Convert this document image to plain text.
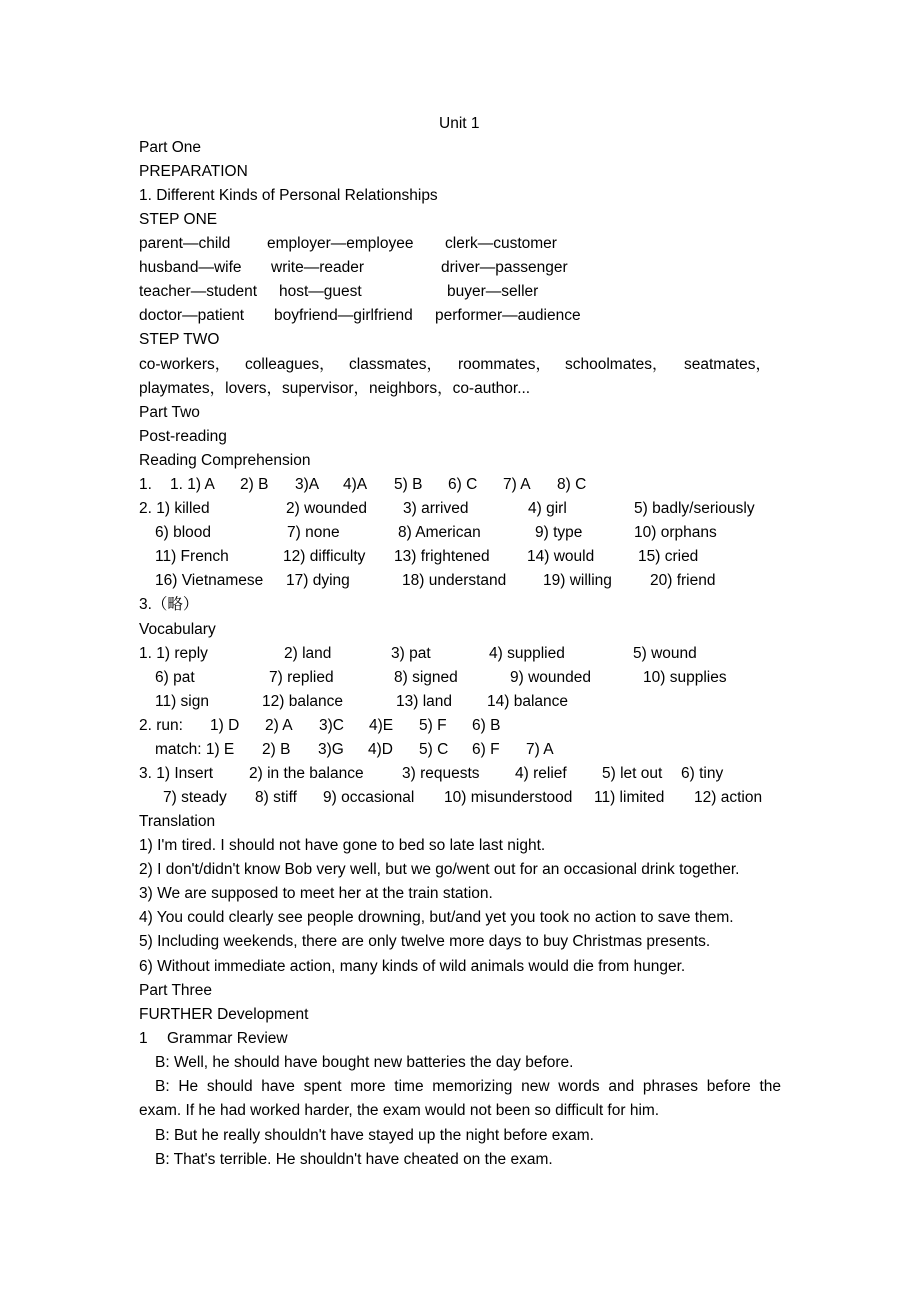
Unit 1
Part One
PREPARATION
1. Different Kinds of Personal Relationships
STEP ONE
parent—child employer—employee clerk—customer
husband—wife write—reader	driver—passenger
teacher—student host—guest	buyer—seller
doctor—patient boyfriend—girlfriend performer—audience
STEP TWO
co-workers， colleagues， classmates， roommates， schoolmates， seatmates，
playmates，lovers，supervisor，neighbors，co-author...
Part Two
Post-reading
Reading Comprehension
1. 1. 1) A 2) B 3)A 4)A 5) B 6) C 7) A 8) C
2. 1) killed	2) wounded 3) arrived	4) girl	5) badly/seriously
6) blood	7) none	8) American	9) type	10) orphans
11) French	12) difficulty 13) frightened 14) would	15) cried
16) Vietnamese 17) dying	18) understand 19) willing 20) friend
3.（略）
Vocabulary
1. 1) reply	2) land	3) pat	4) supplied	5) wound
6) pat	7) replied	8) signed	9) wounded	10) supplies
11) sign	12) balance	13) land 14) balance
2. run: 1) D 2) A 3)C 4)E 5) F 6) B
match: 1) E 2) B 3)G 4)D 5) C 6) F 7) A
3. 1) Insert 2) in the balance 3) requests 4) relief 5) let out 6) tiny
7) steady 8) stiff 9) occasional 10) misunderstood 11) limited 12) action
Translation
1) I'm tired. I should not have gone to bed so late last night.
2) I don't/didn't know Bob very well, but we go/went out for an occasional drink together.
3) We are supposed to meet her at the train station.
4) You could clearly see people drowning, but/and yet you took no action to save them.
5) Including weekends, there are only twelve more days to buy Christmas presents.
6) Without immediate action, many kinds of wild animals would die from hunger.
Part Three
FURTHER Development
1 Grammar Review
B: Well, he should have bought new batteries the day before.
B: He should have spent more time memorizing new words and phrases before the
exam. If he had worked harder, the exam would not been so difficult for him.
B: But he really shouldn't have stayed up the night before exam.
B: That's terrible. He shouldn't have cheated on the exam.
